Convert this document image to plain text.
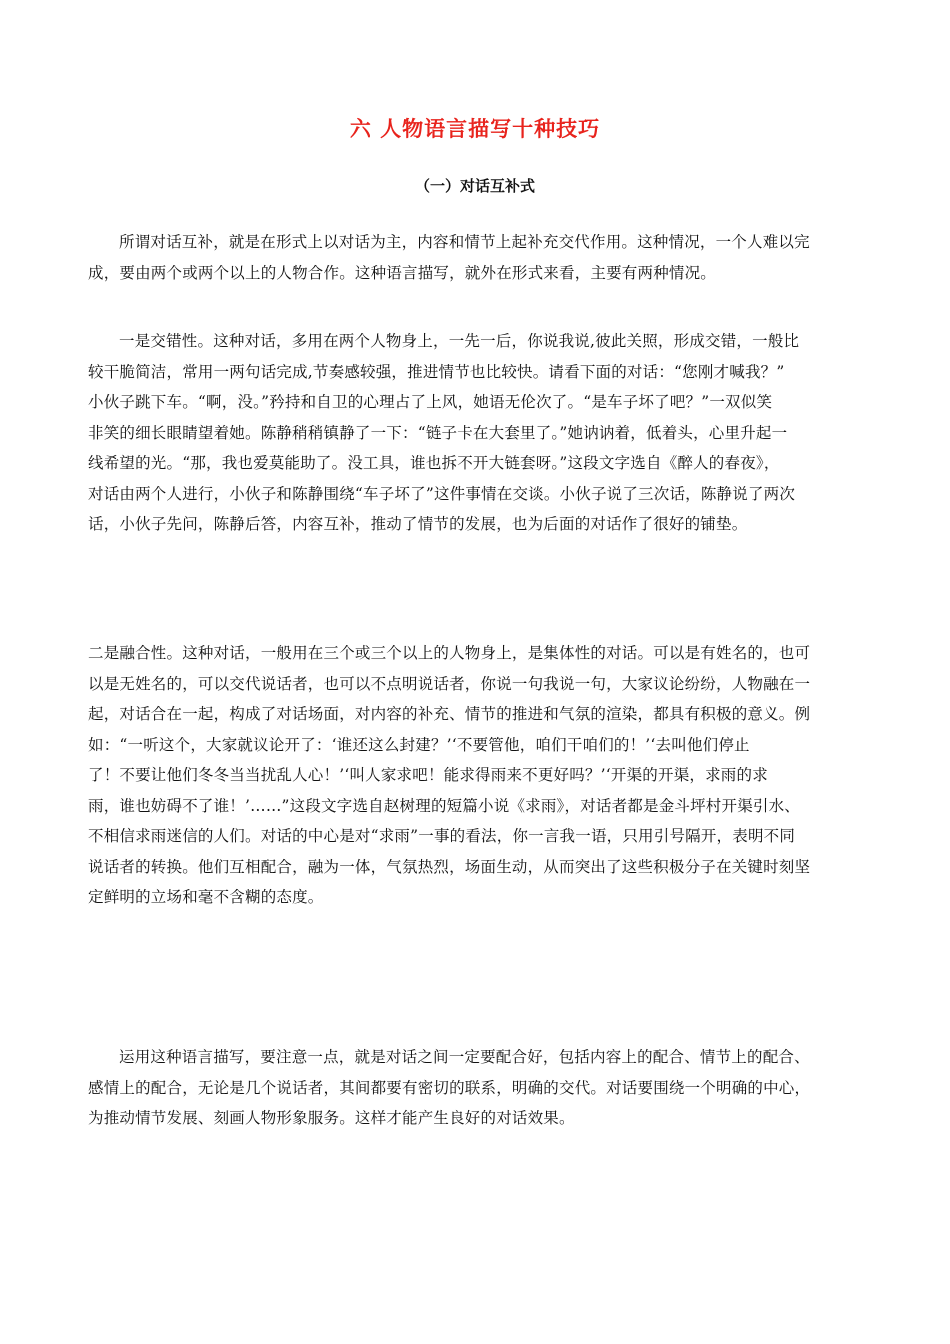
六 人物语言描写十种技巧
（一）对话互补式

所谓对话互补，就是在形式上以对话为主，内容和情节上起补充交代作用。这种情况，一个人难以完
成，要由两个或两个以上的人物合作。这种语言描写，就外在形式来看，主要有两种情况。

一是交错性。这种对话，多用在两个人物身上，一先一后，你说我说,彼此关照，形成交错，一般比
较干脆简洁，常用一两句话完成,节奏感较强，推进情节也比较快。请看下面的对话：“您刚才喊我？”
小伙子跳下车。“啊，没。”矜持和自卫的心理占了上风，她语无伦次了。“是车子坏了吧？”一双似笑
非笑的细长眼睛望着她。陈静稍稍镇静了一下：“链子卡在大套里了。”她讷讷着，低着头，心里升起一
线希望的光。“那，我也爱莫能助了。没工具，谁也拆不开大链套呀。”这段文字选自《醉人的春夜》，
对话由两个人进行，小伙子和陈静围绕“车子坏了”这件事情在交谈。小伙子说了三次话，陈静说了两次
话，小伙子先问，陈静后答，内容互补，推动了情节的发展，也为后面的对话作了很好的铺垫。

二是融合性。这种对话，一般用在三个或三个以上的人物身上，是集体性的对话。可以是有姓名的，也可
以是无姓名的，可以交代说话者，也可以不点明说话者，你说一句我说一句，大家议论纷纷，人物融在一
起，对话合在一起，构成了对话场面，对内容的补充、情节的推进和气氛的渲染，都具有积极的意义。例
如：“一听这个，大家就议论开了：‘谁还这么封建？’‘不要管他，咱们干咱们的！’‘去叫他们停止
了！不要让他们冬冬当当扰乱人心！’‘叫人家求吧！能求得雨来不更好吗？’‘开渠的开渠，求雨的求
雨，谁也妨碍不了谁！’……”这段文字选自赵树理的短篇小说《求雨》，对话者都是金斗坪村开渠引水、
不相信求雨迷信的人们。对话的中心是对“求雨”一事的看法，你一言我一语，只用引号隔开，表明不同
说话者的转换。他们互相配合，融为一体，气氛热烈，场面生动，从而突出了这些积极分子在关键时刻坚
定鲜明的立场和毫不含糊的态度。

运用这种语言描写，要注意一点，就是对话之间一定要配合好，包括内容上的配合、情节上的配合、
感情上的配合，无论是几个说话者，其间都要有密切的联系，明确的交代。对话要围绕一个明确的中心，
为推动情节发展、刻画人物形象服务。这样才能产生良好的对话效果。
